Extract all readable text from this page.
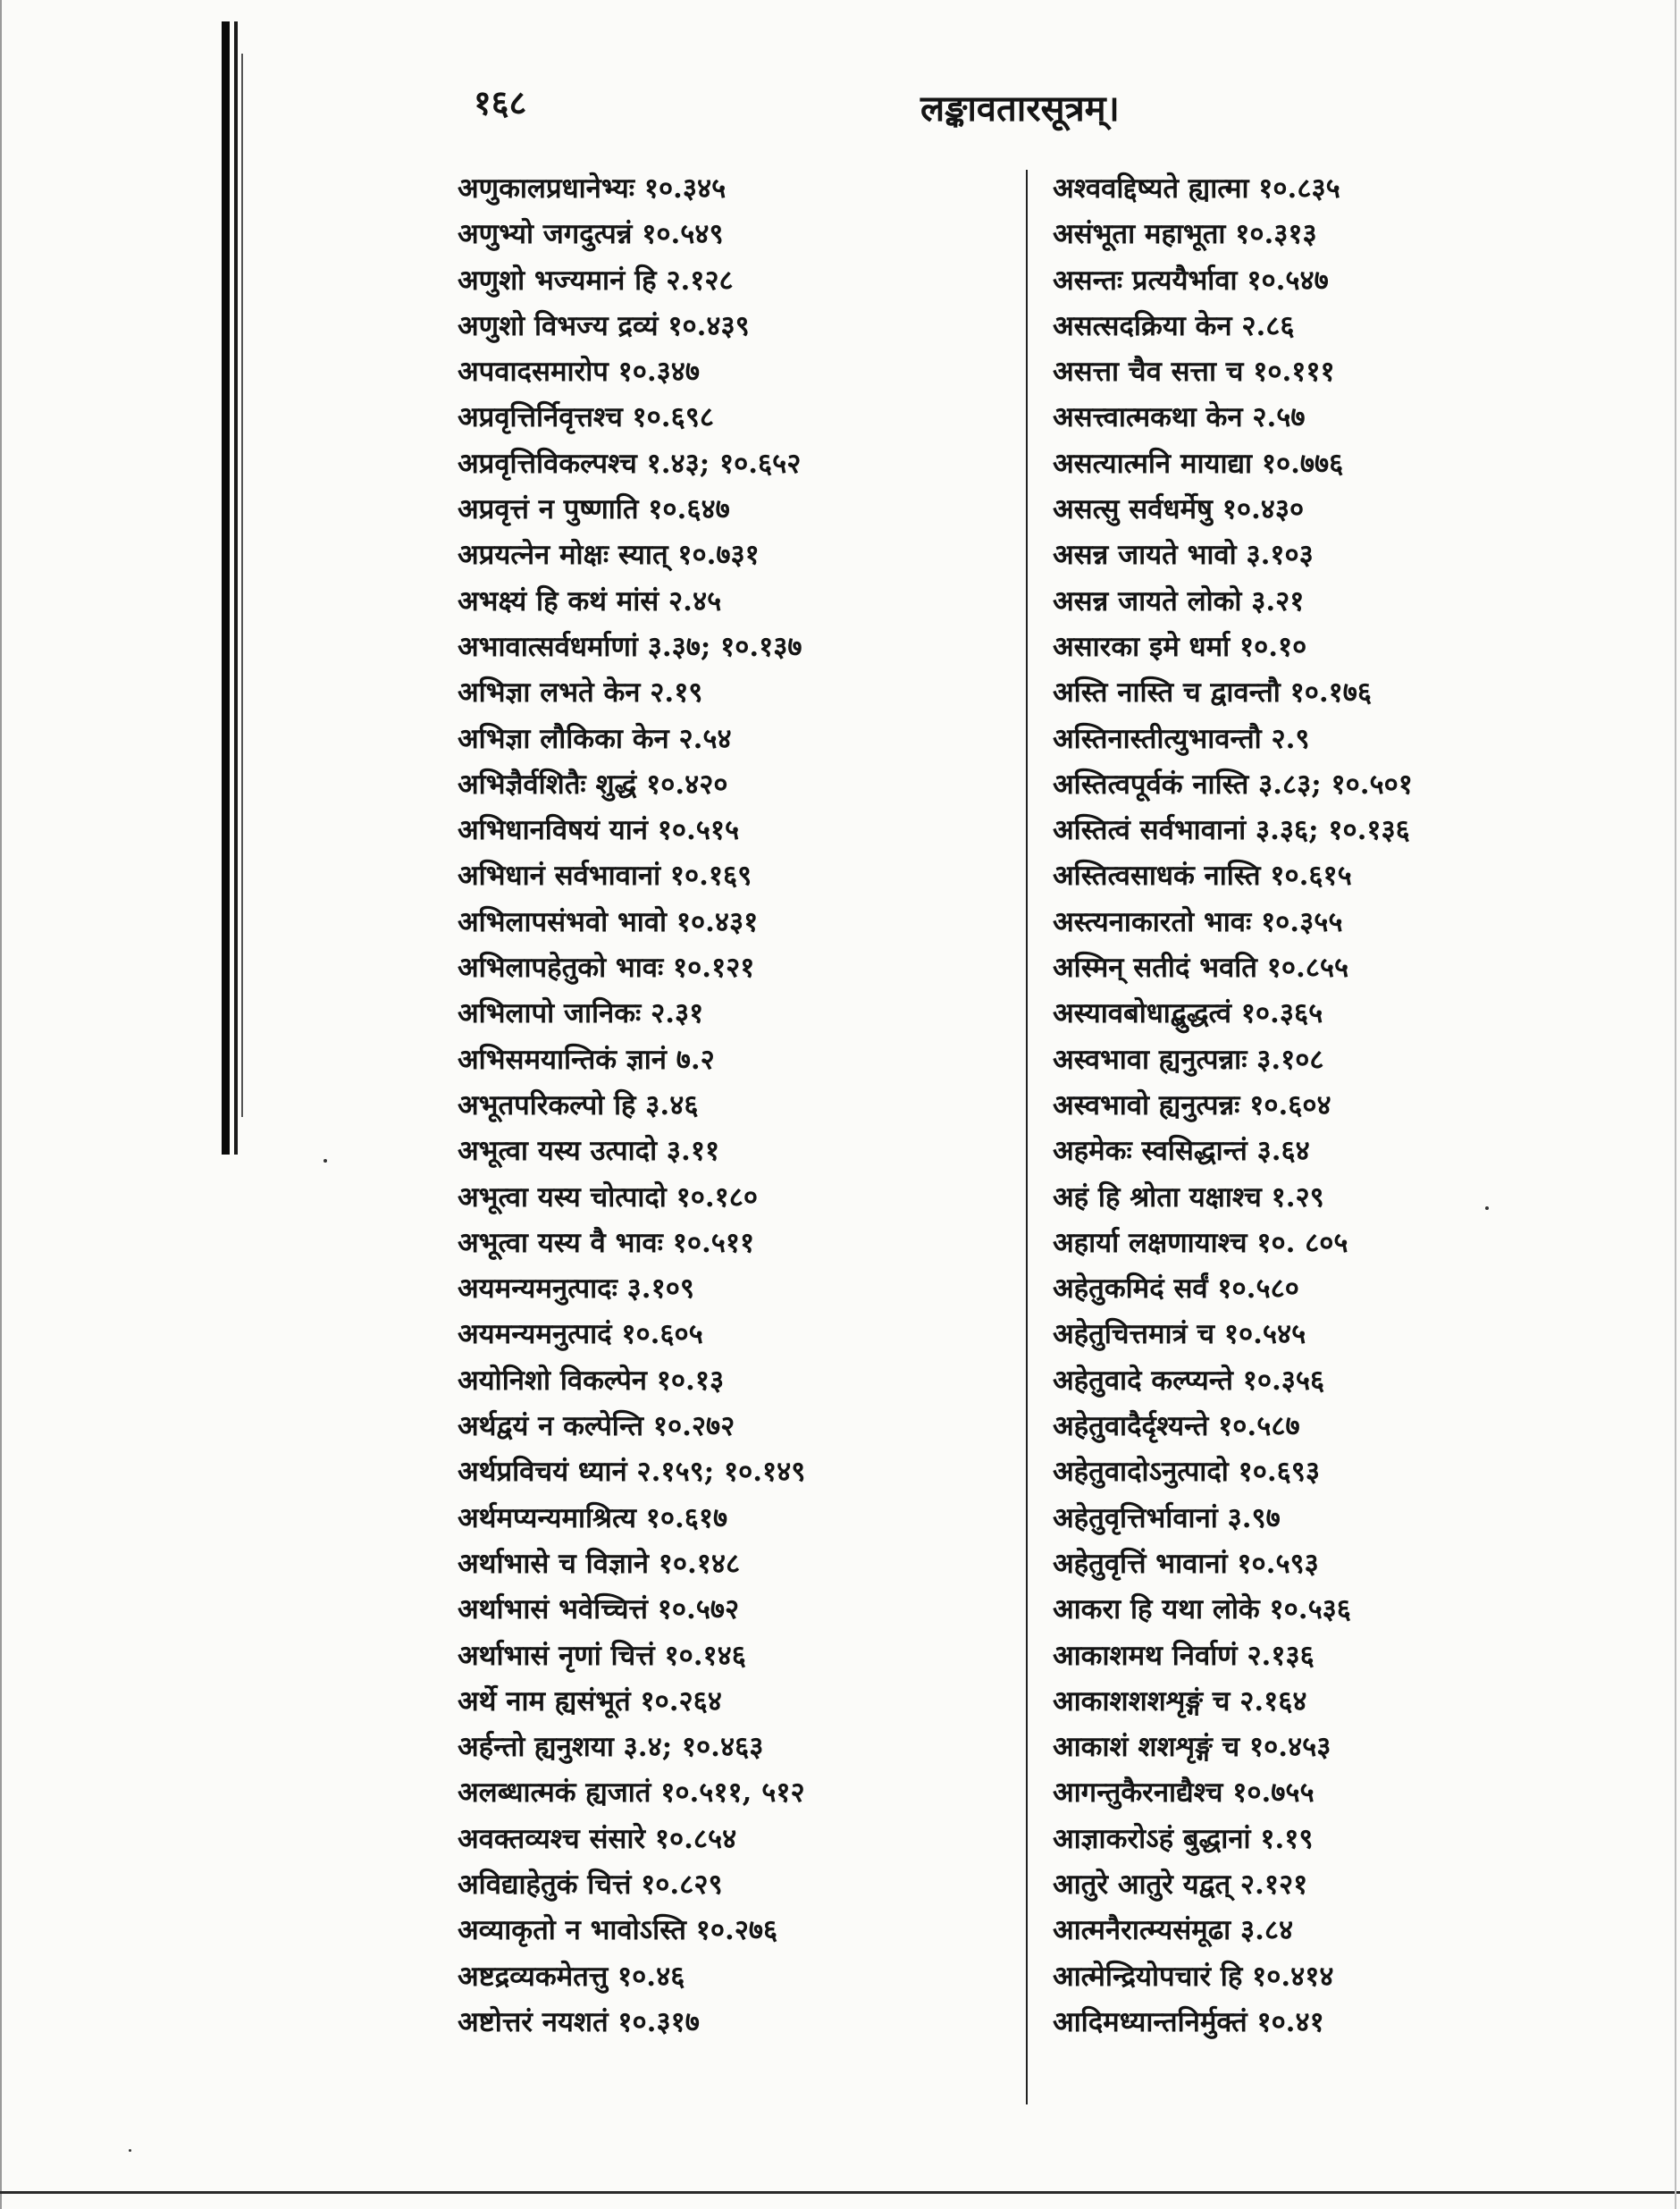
१६८	लङ्कावतारसूत्रम्।
अणुकालप्रधानेभ्यः १०.३४५
अणुभ्यो जगदुत्पन्नं १०.५४९
अणुशो भज्यमानं हि २.१२८
अणुशो विभज्य द्रव्यं १०.४३९
अपवादसमारोप १०.३४७
अप्रवृत्तिर्निवृत्तश्च १०.६९८
अप्रवृत्तिविकल्पश्च १.४३; १०.६५२
अप्रवृत्तं न पुष्णाति १०.६४७
अप्रयत्नेन मोक्षः स्यात् १०.७३१
अभक्ष्यं हि कथं मांसं २.४५
अभावात्सर्वधर्माणां ३.३७; १०.१३७
अभिज्ञा लभते केन २.१९
अभिज्ञा लौकिका केन २.५४
अभिज्ञैर्वशितैः शुद्धं १०.४२०
अभिधानविषयं यानं १०.५१५
अभिधानं सर्वभावानां १०.१६९
अभिलापसंभवो भावो १०.४३१
अभिलापहेतुको भावः १०.१२१
अभिलापो जानिकः २.३१
अभिसमयान्तिकं ज्ञानं ७.२
अभूतपरिकल्पो हि ३.४६
अभूत्वा यस्य उत्पादो ३.११
अभूत्वा यस्य चोत्पादो १०.१८०
अभूत्वा यस्य वै भावः १०.५११
अयमन्यमनुत्पादः ३.१०९
अयमन्यमनुत्पादं १०.६०५
अयोनिशो विकल्पेन १०.१३
अर्थद्वयं न कल्पेन्ति १०.२७२
अर्थप्रविचयं ध्यानं २.१५९; १०.१४९
अर्थमप्यन्यमाश्रित्य १०.६१७
अर्थाभासे च विज्ञाने १०.१४८
अर्थाभासं भवेच्चित्तं १०.५७२
अर्थाभासं नृणां चित्तं १०.१४६
अर्थे नाम ह्यसंभूतं १०.२६४
अर्हन्तो ह्यनुशया ३.४; १०.४६३
अलब्धात्मकं ह्यजातं १०.५११, ५१२
अवक्तव्यश्च संसारे १०.८५४
अविद्याहेतुकं चित्तं १०.८२९
अव्याकृतो न भावोऽस्ति १०.२७६
अष्टद्रव्यकमेतत्तु १०.४६
अष्टोत्तरं नयशतं १०.३१७
अश्ववद्दिष्यते ह्यात्मा १०.८३५
असंभूता महाभूता १०.३१३
असन्तः प्रत्ययैर्भावा १०.५४७
असत्सदक्रिया केन २.८६
असत्ता चैव सत्ता च १०.१११
असत्त्वात्मकथा केन २.५७
असत्यात्मनि मायाद्या १०.७७६
असत्सु सर्वधर्मेषु १०.४३०
असन्न जायते भावो ३.१०३
असन्न जायते लोको ३.२१
असारका इमे धर्मा १०.१०
अस्ति नास्ति च द्वावन्तौ १०.१७६
अस्तिनास्तीत्युभावन्तौ २.९
अस्तित्वपूर्वकं नास्ति ३.८३; १०.५०१
अस्तित्वं सर्वभावानां ३.३६; १०.१३६
अस्तित्वसाधकं नास्ति १०.६१५
अस्त्यनाकारतो भावः १०.३५५
अस्मिन् सतीदं भवति १०.८५५
अस्यावबोधाद्बुद्धत्वं १०.३६५
अस्वभावा ह्यनुत्पन्नाः ३.१०८
अस्वभावो ह्यनुत्पन्नः १०.६०४
अहमेकः स्वसिद्धान्तं ३.६४
अहं हि श्रोता यक्षाश्च १.२९
अहार्या लक्षणायाश्च १०. ८०५
अहेतुकमिदं सर्वं १०.५८०
अहेतुचित्तमात्रं च १०.५४५
अहेतुवादे कल्प्यन्ते १०.३५६
अहेतुवादैर्दृश्यन्ते १०.५८७
अहेतुवादोऽनुत्पादो १०.६९३
अहेतुवृत्तिर्भावानां ३.९७
अहेतुवृत्तिं भावानां १०.५९३
आकरा हि यथा लोके १०.५३६
आकाशमथ निर्वाणं २.१३६
आकाशशशशृङ्गं च २.१६४
आकाशं शशशृङ्गं च १०.४५३
आगन्तुकैरनाद्यैश्च १०.७५५
आज्ञाकरोऽहं बुद्धानां १.१९
आतुरे आतुरे यद्वत् २.१२१
आत्मनैरात्म्यसंमूढा ३.८४
आत्मेन्द्रियोपचारं हि १०.४१४
आदिमध्यान्तनिर्मुक्तं १०.४१
